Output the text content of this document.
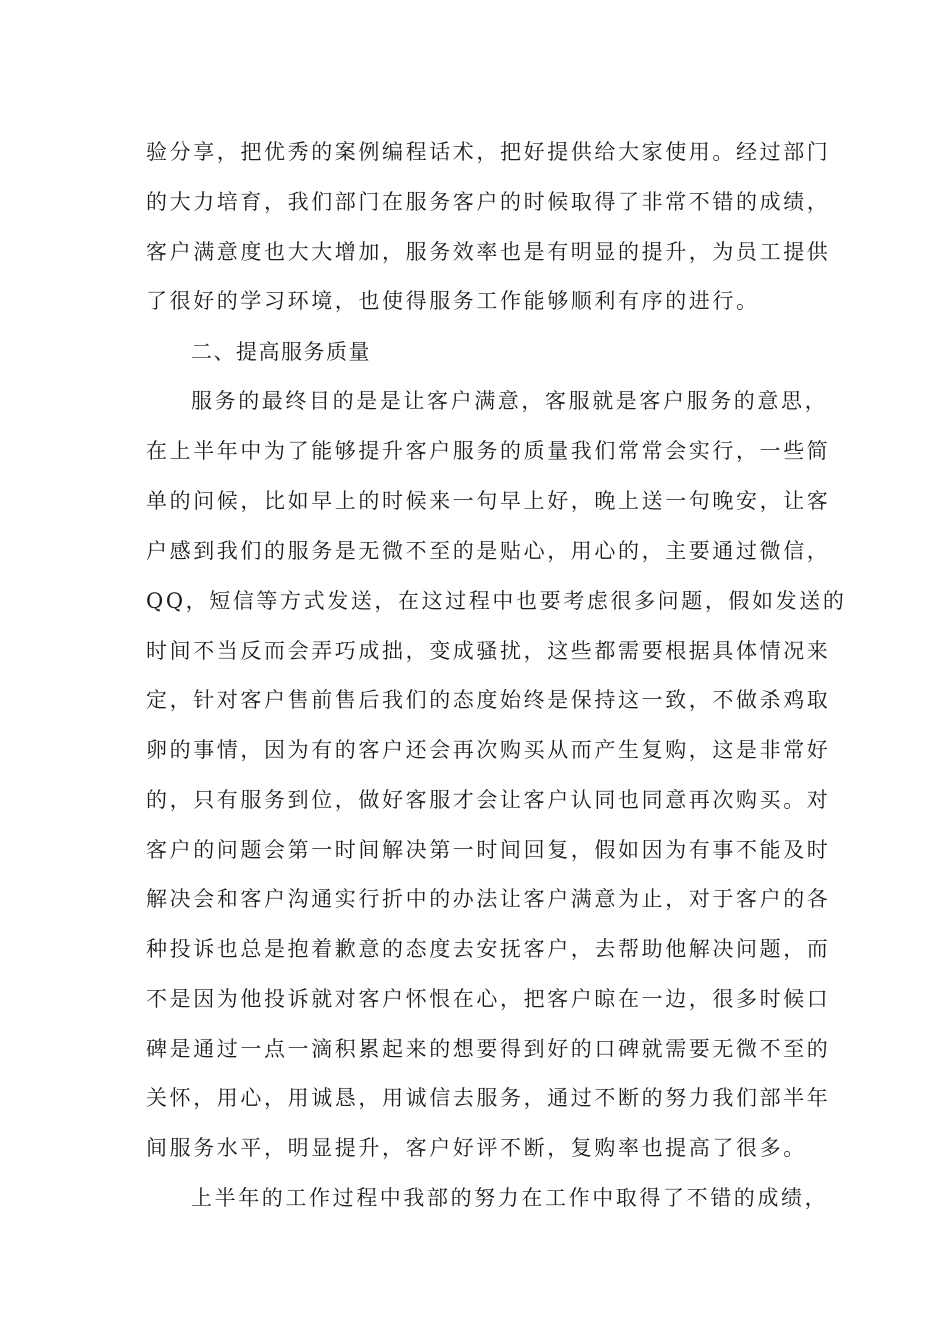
验分享，把优秀的案例编程话术，把好提供给大家使用。经过部门
的大力培育，我们部门在服务客户的时候取得了非常不错的成绩，
客户满意度也大大增加，服务效率也是有明显的提升，为员工提供
了很好的学习环境，也使得服务工作能够顺利有序的进行。
二、提高服务质量
服务的最终目的是是让客户满意，客服就是客户服务的意思，
在上半年中为了能够提升客户服务的质量我们常常会实行，一些简
单的问候，比如早上的时候来一句早上好，晚上送一句晚安，让客
户感到我们的服务是无微不至的是贴心，用心的，主要通过微信，
QQ，短信等方式发送，在这过程中也要考虑很多问题，假如发送的
时间不当反而会弄巧成拙，变成骚扰，这些都需要根据具体情况来
定，针对客户售前售后我们的态度始终是保持这一致，不做杀鸡取
卵的事情，因为有的客户还会再次购买从而产生复购，这是非常好
的，只有服务到位，做好客服才会让客户认同也同意再次购买。对
客户的问题会第一时间解决第一时间回复，假如因为有事不能及时
解决会和客户沟通实行折中的办法让客户满意为止，对于客户的各
种投诉也总是抱着歉意的态度去安抚客户，去帮助他解决问题，而
不是因为他投诉就对客户怀恨在心，把客户晾在一边，很多时候口
碑是通过一点一滴积累起来的想要得到好的口碑就需要无微不至的
关怀，用心，用诚恳，用诚信去服务，通过不断的努力我们部半年
间服务水平，明显提升，客户好评不断，复购率也提高了很多。
上半年的工作过程中我部的努力在工作中取得了不错的成绩，
